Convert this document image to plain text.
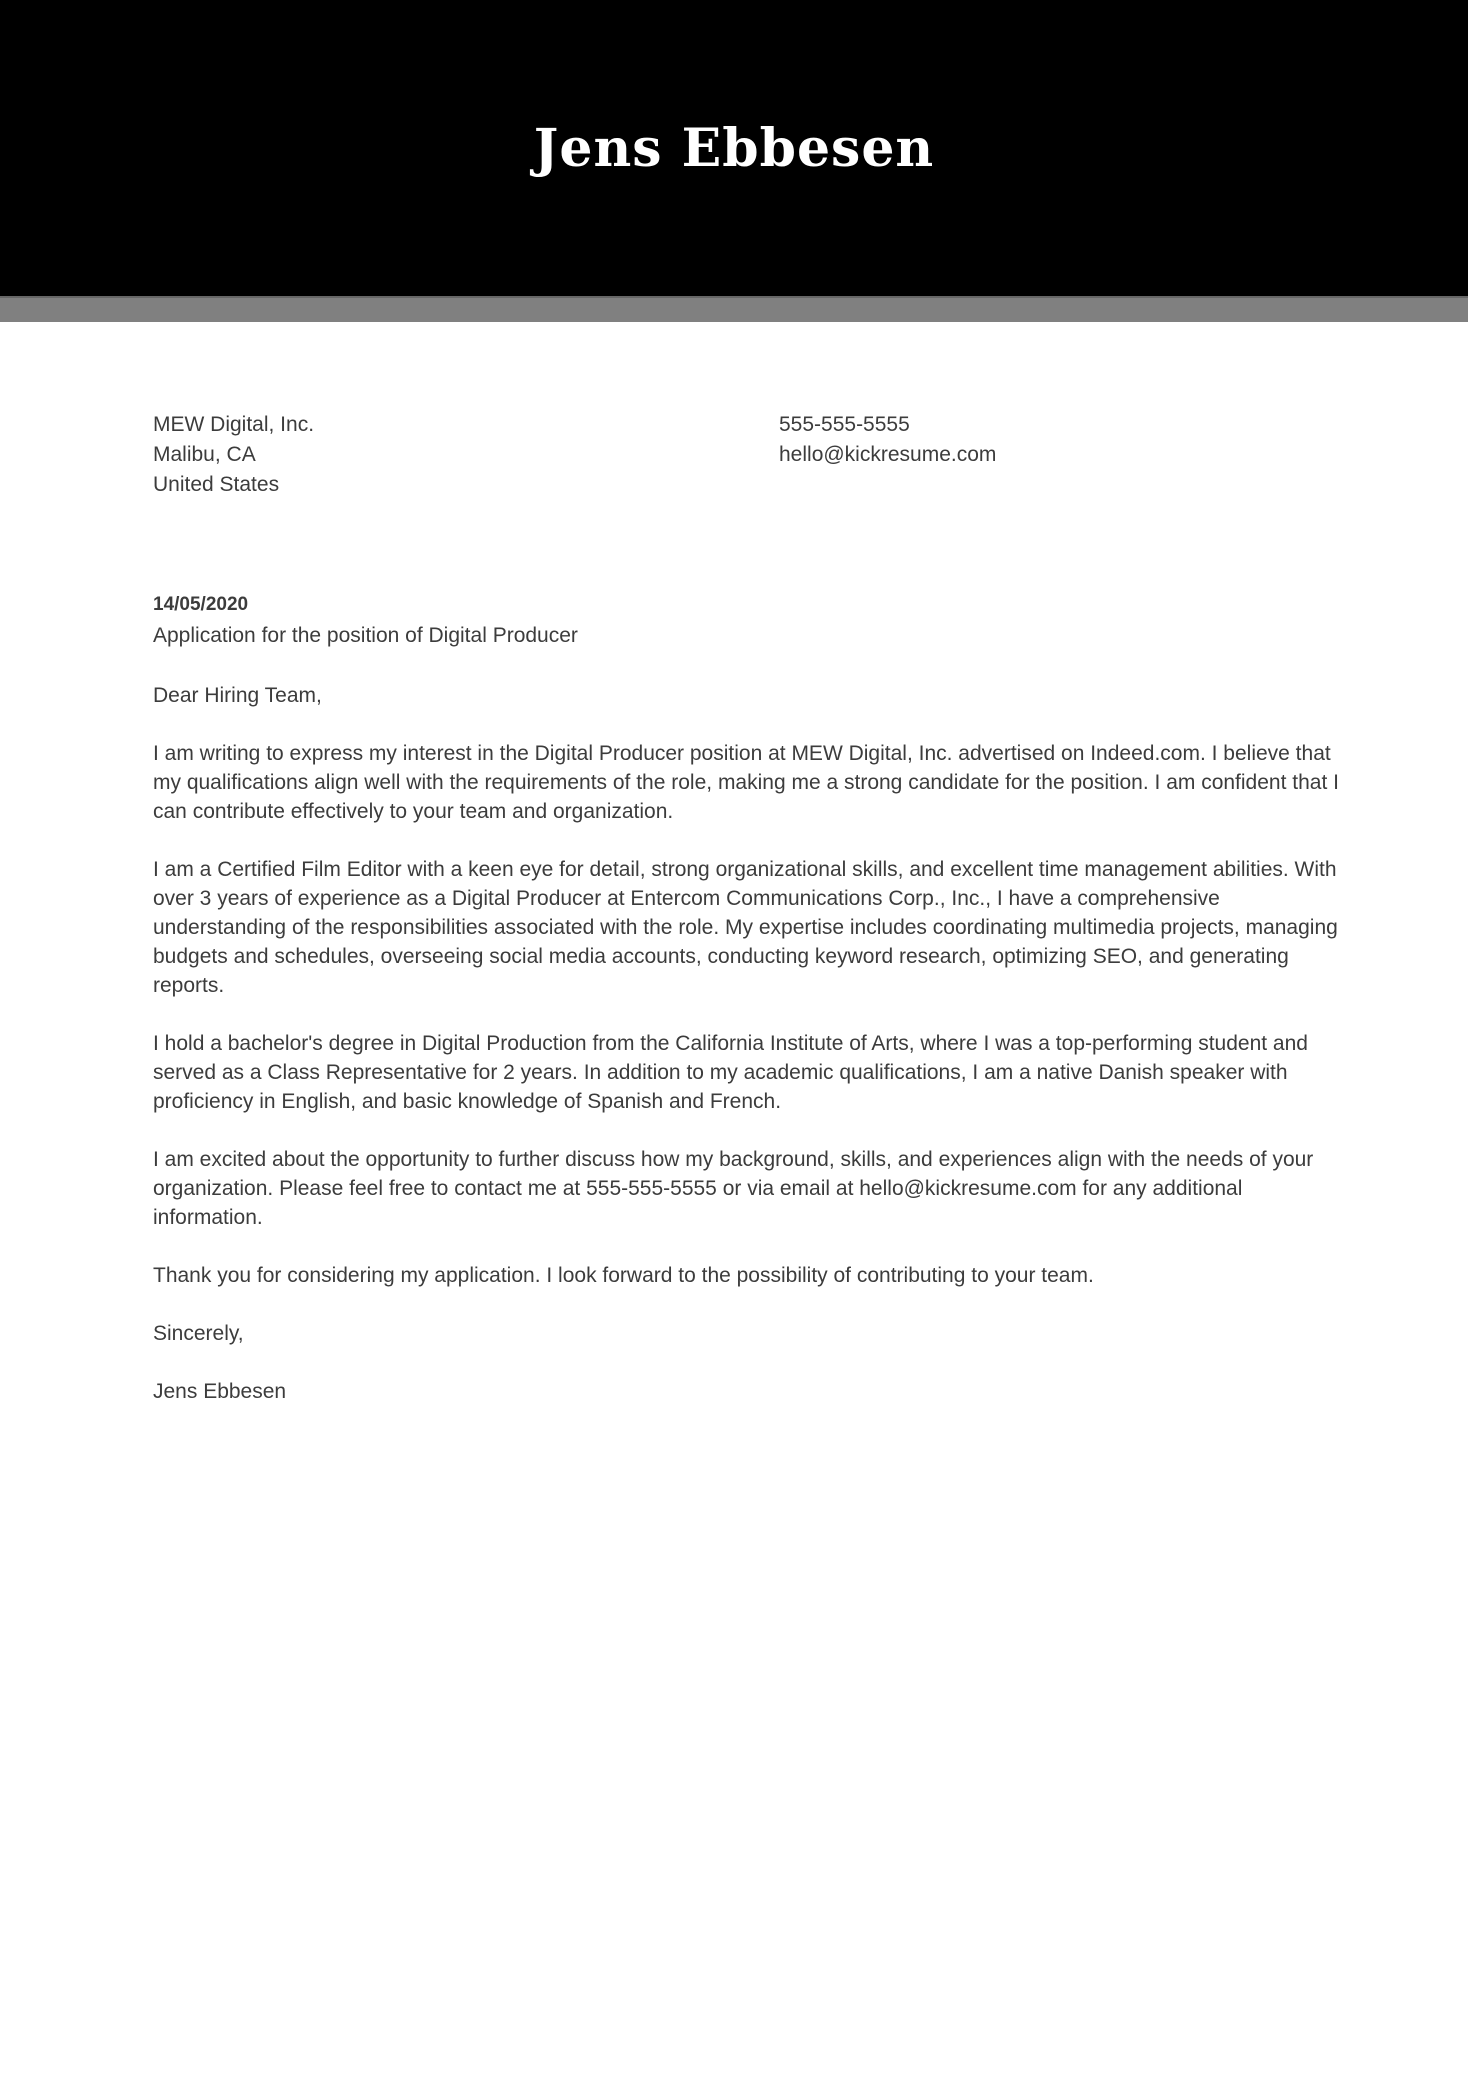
Jens Ebbesen
MEW Digital, Inc.
Malibu, CA
United States
555-555-5555
hello@kickresume.com
14/05/2020
Application for the position of Digital Producer

Dear Hiring Team,

I am writing to express my interest in the Digital Producer position at MEW Digital, Inc. advertised on Indeed.com. I believe that my qualifications align well with the requirements of the role, making me a strong candidate for the position. I am confident that I can contribute effectively to your team and organization.

I am a Certified Film Editor with a keen eye for detail, strong organizational skills, and excellent time management abilities. With over 3 years of experience as a Digital Producer at Entercom Communications Corp., Inc., I have a comprehensive understanding of the responsibilities associated with the role. My expertise includes coordinating multimedia projects, managing budgets and schedules, overseeing social media accounts, conducting keyword research, optimizing SEO, and generating reports.

I hold a bachelor's degree in Digital Production from the California Institute of Arts, where I was a top-performing student and served as a Class Representative for 2 years. In addition to my academic qualifications, I am a native Danish speaker with proficiency in English, and basic knowledge of Spanish and French.

I am excited about the opportunity to further discuss how my background, skills, and experiences align with the needs of your organization. Please feel free to contact me at 555-555-5555 or via email at hello@kickresume.com for any additional information.

Thank you for considering my application. I look forward to the possibility of contributing to your team.

Sincerely,

Jens Ebbesen
